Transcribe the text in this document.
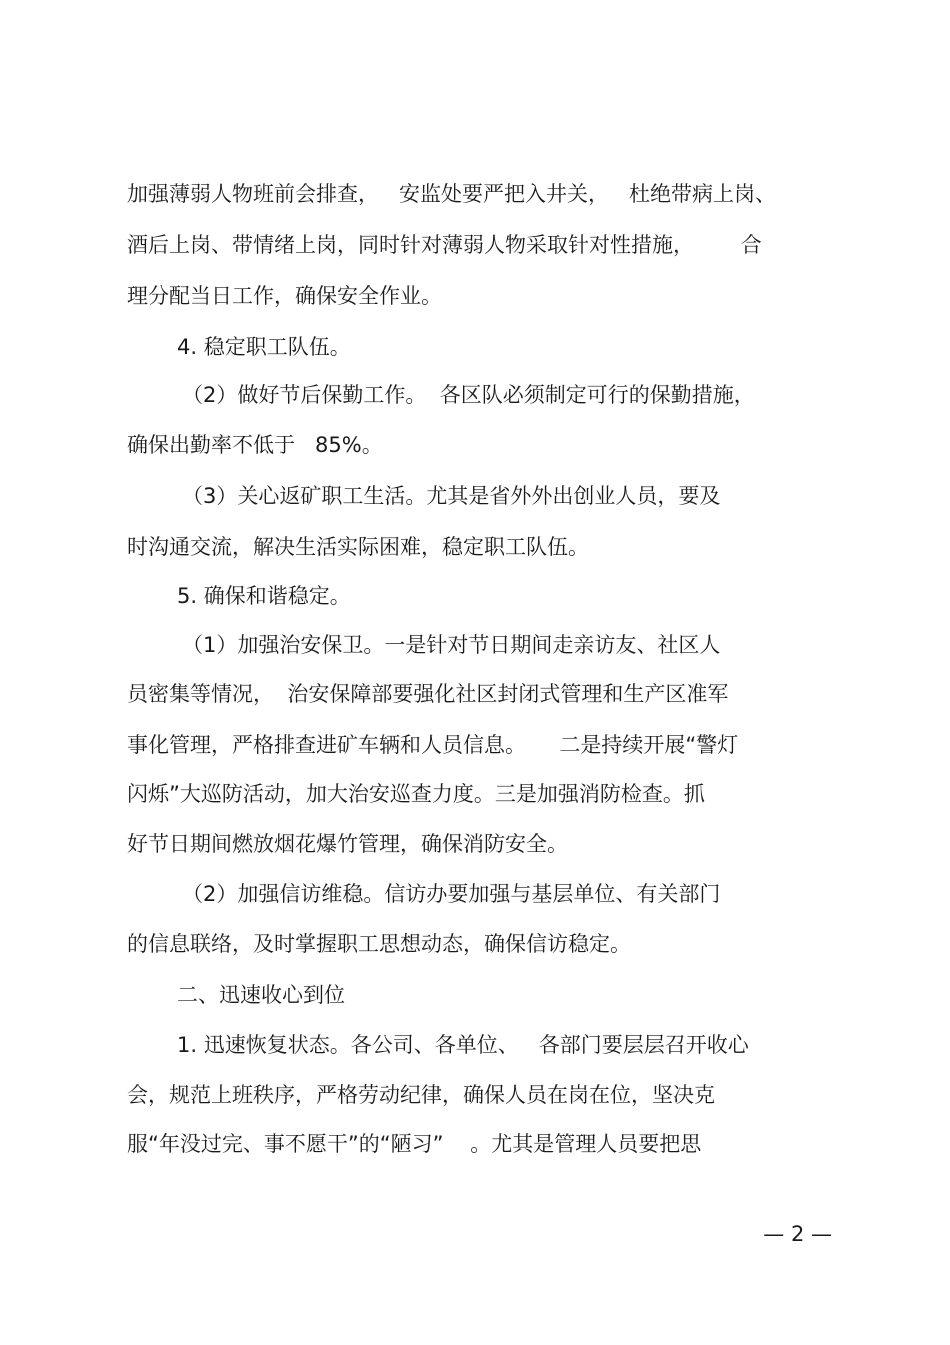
加强薄弱人物班前会排查，   安监处要严把入井关，   杜绝带病上岗、
酒后上岗、带情绪上岗，同时针对薄弱人物采取针对性措施，       合
理分配当日工作，确保安全作业。
4. 稳定职工队伍。
（2）做好节后保勤工作。  各区队必须制定可行的保勤措施，
确保出勤率不低于   85%。
（3）关心返矿职工生活。尤其是省外外出创业人员，要及
时沟通交流，解决生活实际困难，稳定职工队伍。
5. 确保和谐稳定。
（1）加强治安保卫。一是针对节日期间走亲访友、社区人
员密集等情况，  治安保障部要强化社区封闭式管理和生产区准军
事化管理，严格排查进矿车辆和人员信息。     二是持续开展“警灯
闪烁”大巡防活动，加大治安巡查力度。三是加强消防检查。抓
好节日期间燃放烟花爆竹管理，确保消防安全。
（2）加强信访维稳。信访办要加强与基层单位、有关部门
的信息联络，及时掌握职工思想动态，确保信访稳定。
二、迅速收心到位
1. 迅速恢复状态。各公司、各单位、   各部门要层层召开收心
会，规范上班秩序，严格劳动纪律，确保人员在岗在位，坚决克
服“年没过完、事不愿干”的“陋习”    。尤其是管理人员要把思
— 2 —
